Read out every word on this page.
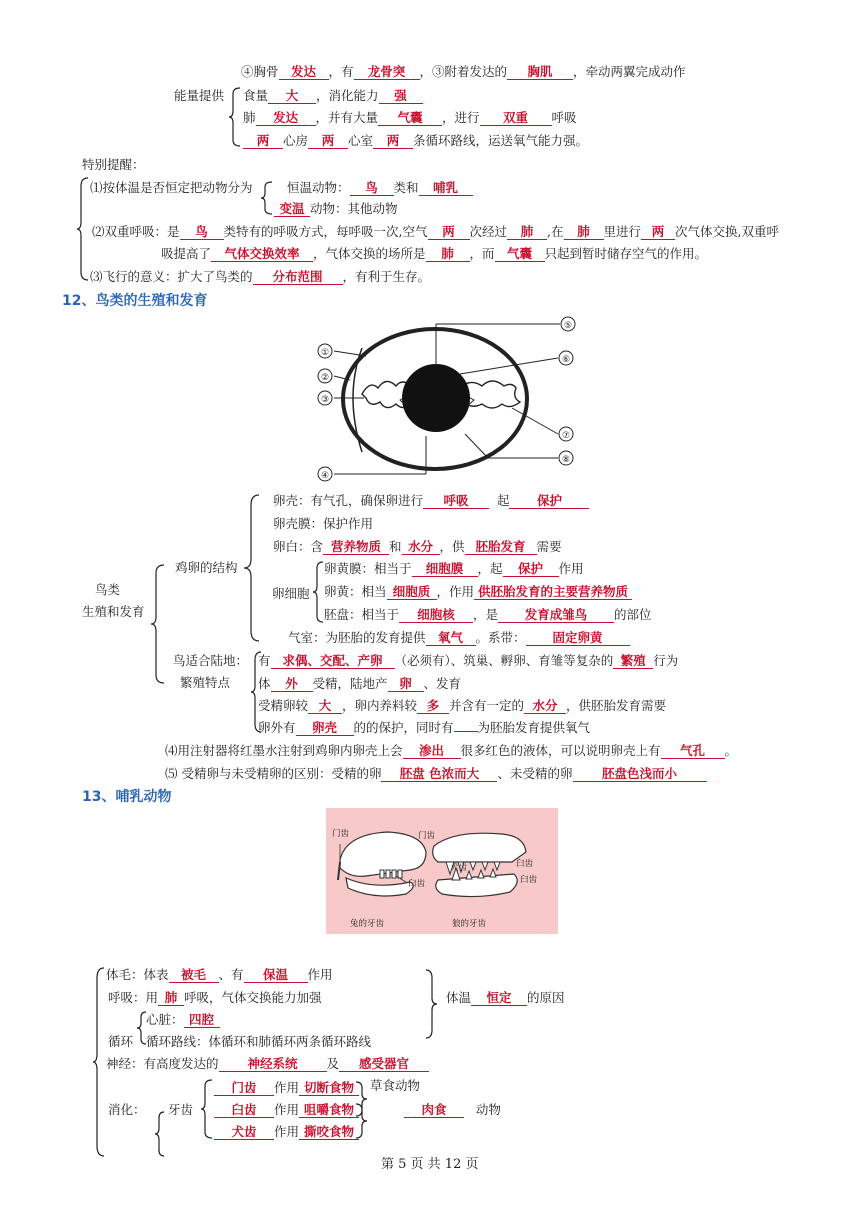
④胸骨 发达 ，有 龙骨突 ，③附着发达的 胸肌 ，牵动两翼完成动作
能量提供 食量 大 ，消化能力 强
肺 发达 ，并有大量 气囊 ，进行 双重 呼吸
两 心房 两 心室 两 条循环路线，运送氧气能力强。
特别提醒：
⑴按体温是否恒定把动物分为	恒温动物： 鸟 类和 哺乳
变温 动物：其他动物
⑵双重呼吸：是 鸟 类特有的呼吸方式，每呼吸一次,空气 两 次经过 肺 ,在 肺 里进行 两 次气体交换,双重呼
吸提高了 气体交换效率 ，气体交换的场所是 肺 ，而 气囊 只起到暂时储存空气的作用。
⑶飞行的意义：扩大了鸟类的 分布范围 ，有利于生存。
12、鸟类的生殖和发育
①
②
③
④
⑤
⑥
⑦
⑧
鸟类
生殖和发育
鸡卵的结构
卵壳：有气孔，确保卵进行 呼吸 起 保护
卵壳膜：保护作用
卵白：含 营养物质 和 水分 ，供 胚胎发育 需要
卵细胞
卵黄膜：相当于 细胞膜 ，起 保护 作用
卵黄：相当 细胞质 ，作用 供胚胎发育的主要营养物质
胚盘：相当于 细胞核 ，是 发育成雏鸟 的部位
气室：为胚胎的发育提供 氧气 。系带： 固定卵黄
鸟适合陆地：
繁殖特点
有 求偶、交配、产卵 （必须有）、筑巢、孵卵、育雏等复杂的 繁殖 行为
体 外 受精，陆地产 卵 、发育
受精卵较 大 ，卵内养料较 多 并含有一定的 水分 ，供胚胎发育需要
卵外有 卵壳 的的保护，同时有 为胚胎发育提供氧气
⑷用注射器将红墨水注射到鸡卵内卵壳上会 渗出 很多红色的液体，可以说明卵壳上有 气孔 。
⑸ 受精卵与未受精卵的区别：受精的卵 胚盘 色浓而大 、未受精的卵 胚盘色浅而小
13、哺乳动物
门齿
臼齿
兔的牙齿
门齿
犬齿	臼齿
臼齿
狼的牙齿
体毛：体表 被毛 、有 保温 作用
呼吸：用 肺 呼吸，气体交换能力加强	体温 恒定 的原因
心脏： 四腔
循环 循环路线：体循环和肺循环两条循环路线
神经：有高度发达的 神经系统 及 感受器官
消化： 牙齿
门齿 作用 切断食物
臼齿 作用 咀嚼食物
犬齿 作用 撕咬食物
草食动物
肉食 动物
第 5 页 共 12 页
